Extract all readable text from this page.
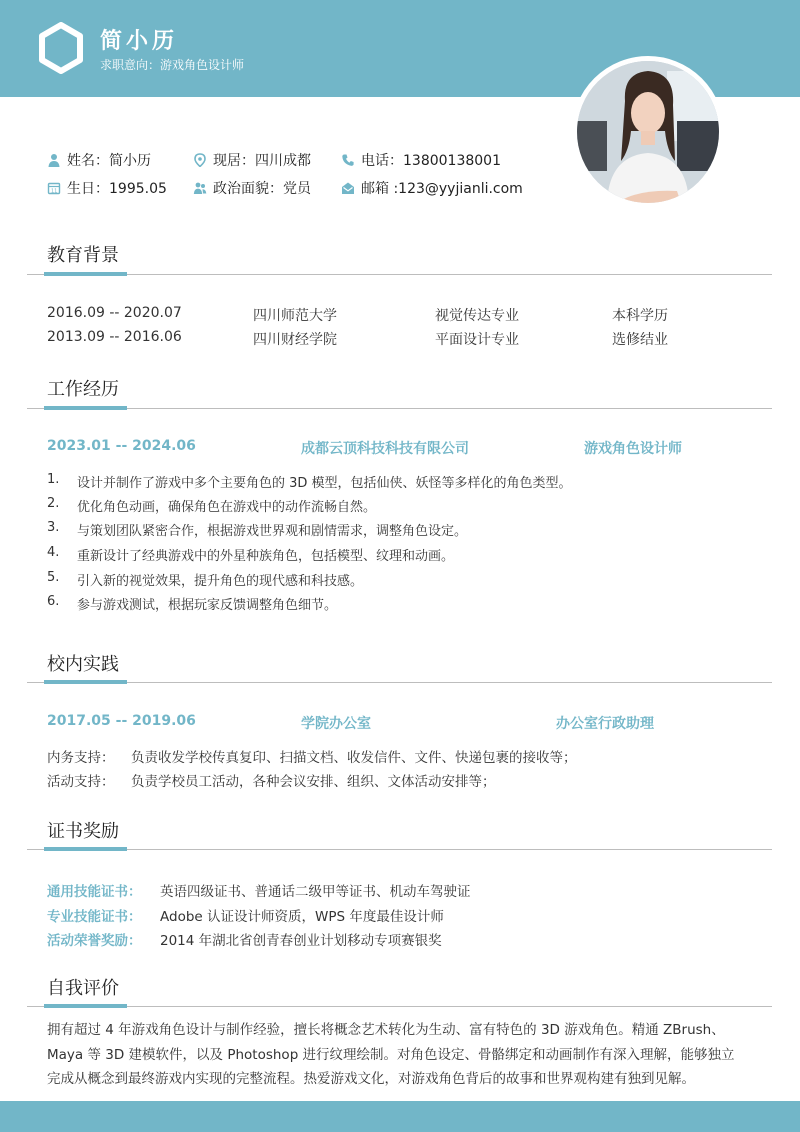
简小历
求职意向：游戏角色设计师
姓名：简小历	现居：四川成都	电话：13800138001
11 生日：1995.05	政治面貌：党员	邮箱 :123@yyjianli.com
教育背景
2016.09 -- 2020.07	四川师范大学	视觉传达专业	本科学历
2013.09 -- 2016.06	四川财经学院	平面设计专业	选修结业
工作经历
2023.01 -- 2024.06	成都云顶科技科技有限公司	游戏角色设计师
1.	设计并制作了游戏中多个主要角色的 3D 模型，包括仙侠、妖怪等多样化的角色类型。
2.	优化角色动画，确保角色在游戏中的动作流畅自然。
3.	与策划团队紧密合作，根据游戏世界观和剧情需求，调整角色设定。
4.	重新设计了经典游戏中的外星种族角色，包括模型、纹理和动画。
5.	引入新的视觉效果，提升角色的现代感和科技感。
6.	参与游戏测试，根据玩家反馈调整角色细节。
校内实践
2017.05 -- 2019.06	学院办公室	办公室行政助理
内务支持： 负责收发学校传真复印、扫描文档、收发信件、文件、快递包裹的接收等；
活动支持： 负责学校员工活动，各种会议安排、组织、文体活动安排等；
证书奖励
通用技能证书： 英语四级证书、普通话二级甲等证书、机动车驾驶证
专业技能证书： Adobe 认证设计师资质，WPS 年度最佳设计师
活动荣誉奖励： 2014 年湖北省创青春创业计划移动专项赛银奖
自我评价
拥有超过 4 年游戏角色设计与制作经验，擅长将概念艺术转化为生动、富有特色的 3D 游戏角色。精通 ZBrush、
Maya 等 3D 建模软件，以及 Photoshop 进行纹理绘制。对角色设定、骨骼绑定和动画制作有深入理解，能够独立
完成从概念到最终游戏内实现的完整流程。热爱游戏文化，对游戏角色背后的故事和世界观构建有独到见解。
